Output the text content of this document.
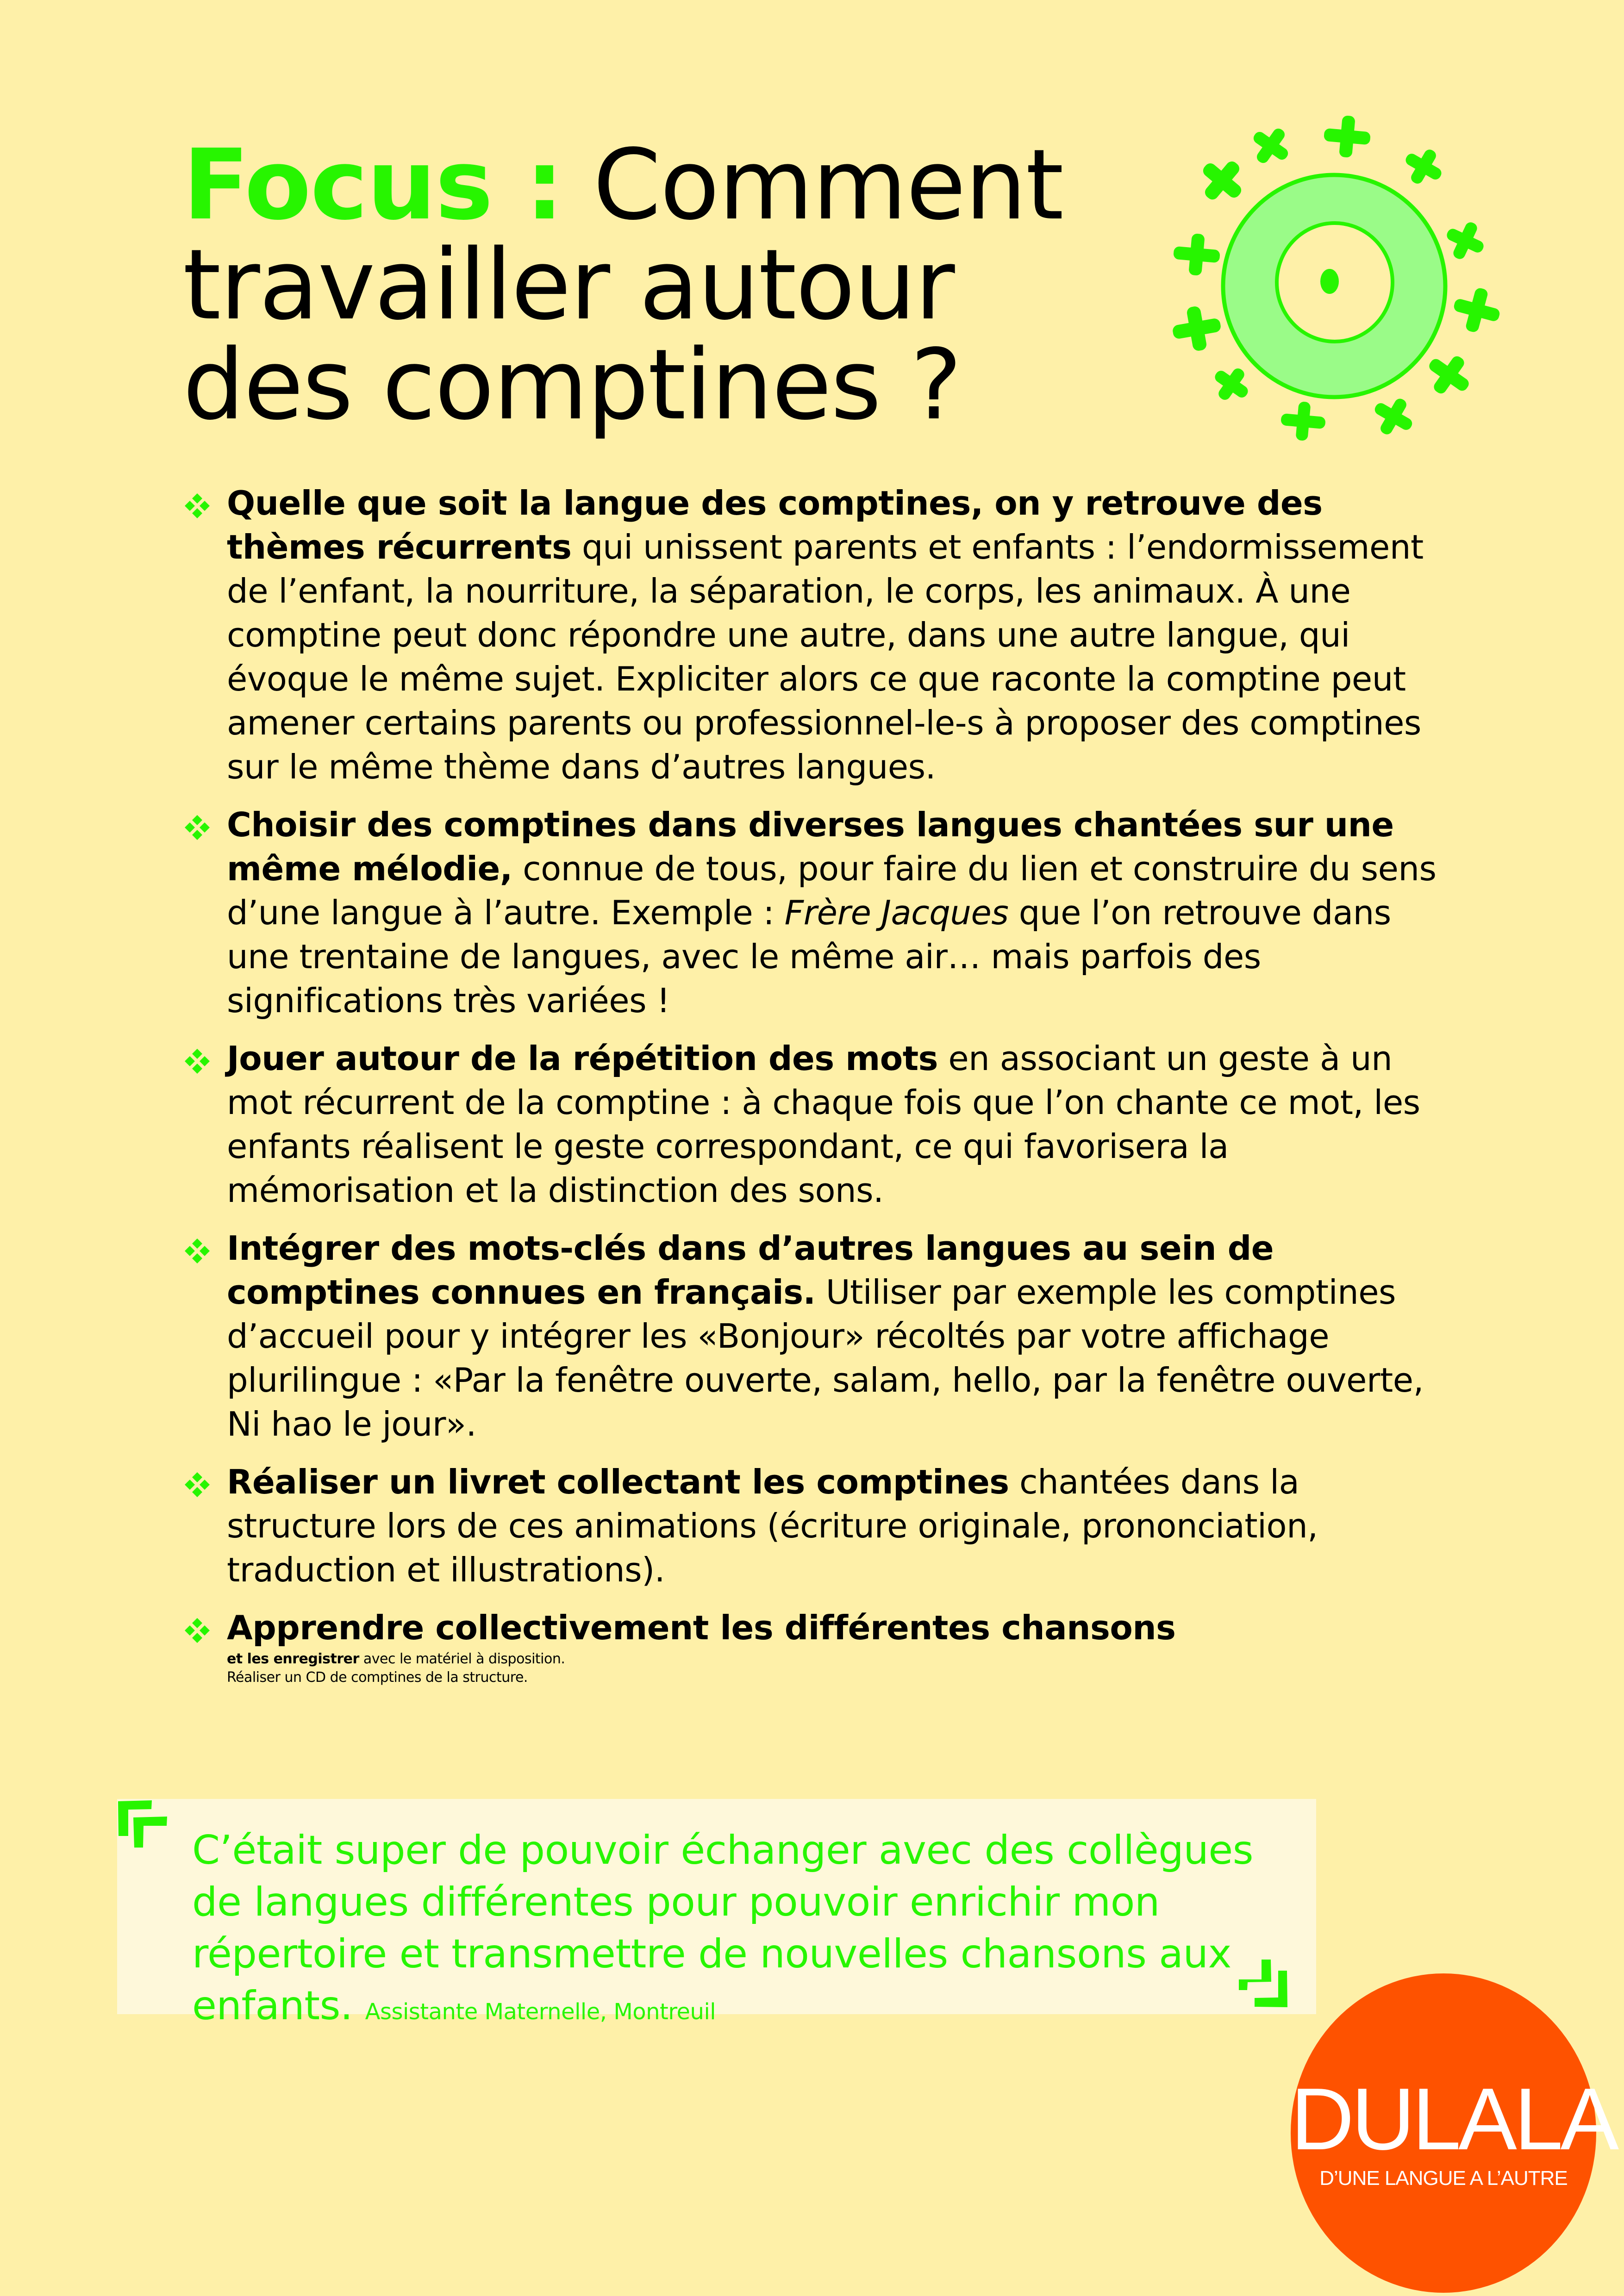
Focus : Comment
travailler autour
des comptines ?
Quelle que soit la langue des comptines, on y retrouve des thèmes récurrents qui unissent parents et enfants : l’endormissement de l’enfant, la nourriture, la séparation, le corps, les animaux. À une comptine peut donc répondre une autre, dans une autre langue, qui évoque le même sujet. Expliciter alors ce que raconte la comptine peut amener certains parents ou professionnel-le-s à proposer des comptines sur le même thème dans d’autres langues.
Choisir des comptines dans diverses langues chantées sur une même mélodie, connue de tous, pour faire du lien et construire du sens d’une langue à l’autre. Exemple : Frère Jacques que l’on retrouve dans une trentaine de langues, avec le même air… mais parfois des significations très variées !
Jouer autour de la répétition des mots en associant un geste à un mot récurrent de la comptine : à chaque fois que l’on chante ce mot, les enfants réalisent le geste correspondant, ce qui favorisera la mémorisation et la distinction des sons.
Intégrer des mots-clés dans d’autres langues au sein de comptines connues en français. Utiliser par exemple les comptines d’accueil pour y intégrer les «Bonjour» récoltés par votre affichage plurilingue : «Par la fenêtre ouverte, salam, hello, par la fenêtre ouverte, Ni hao le jour».
Réaliser un livret collectant les comptines chantées dans la structure lors de ces animations (écriture originale, prononciation, traduction et illustrations).
Apprendre collectivement les différentes chansons
et les enregistrer avec le matériel à disposition.
Réaliser un CD de comptines de la structure.
C’était super de pouvoir échanger avec des collègues de langues différentes pour pouvoir enrichir mon répertoire et transmettre de nouvelles chansons aux enfants. Assistante Maternelle, Montreuil
DULALA
D’UNE LANGUE A L’AUTRE
